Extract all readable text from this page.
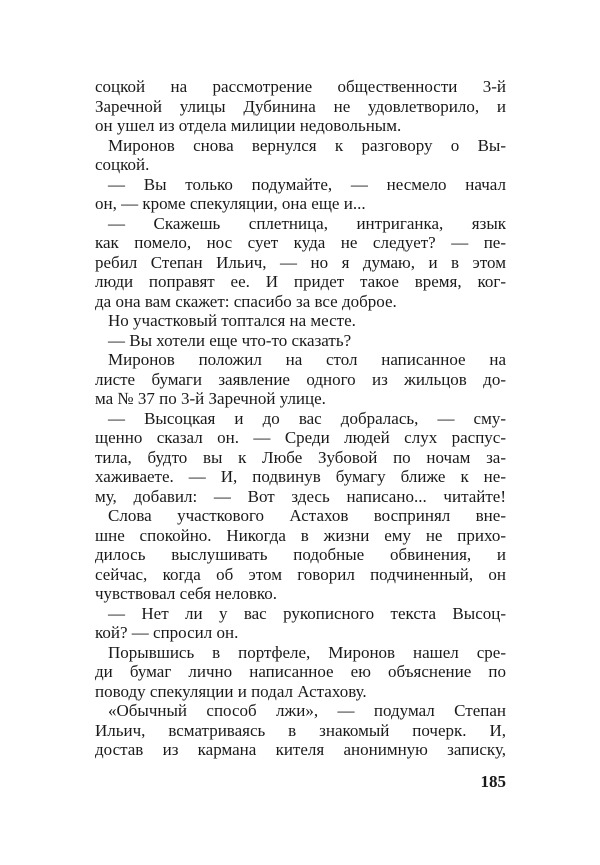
соцкой на рассмотрение общественности 3-й
Заречной улицы Дубинина не удовлетворило, и
он ушел из отдела милиции недовольным.
Миронов снова вернулся к разговору о Вы-
соцкой.
— Вы только подумайте, — несмело начал
он, — кроме спекуляции, она еще и...
— Скажешь сплетница, интриганка, язык
как помело, нос сует куда не следует? — пе-
ребил Степан Ильич, — но я думаю, и в этом
люди поправят ее. И придет такое время, ког-
да она вам скажет: спасибо за все доброе.
Но участковый топтался на месте.
— Вы хотели еще что-то сказать?
Миронов положил на стол написанное на
листе бумаги заявление одного из жильцов до-
ма № 37 по 3-й Заречной улице.
— Высоцкая и до вас добралась, — сму-
щенно сказал он. — Среди людей слух распус-
тила, будто вы к Любе Зубовой по ночам за-
хаживаете. — И, подвинув бумагу ближе к не-
му, добавил: — Вот здесь написано... читайте!
Слова участкового Астахов воспринял вне-
шне спокойно. Никогда в жизни ему не прихо-
дилось выслушивать подобные обвинения, и
сейчас, когда об этом говорил подчиненный, он
чувствовал себя неловко.
— Нет ли у вас рукописного текста Высоц-
кой? — спросил он.
Порывшись в портфеле, Миронов нашел сре-
ди бумаг лично написанное ею объяснение по
поводу спекуляции и подал Астахову.
«Обычный способ лжи», — подумал Степан
Ильич, всматриваясь в знакомый почерк. И,
достав из кармана кителя анонимную записку,
185
